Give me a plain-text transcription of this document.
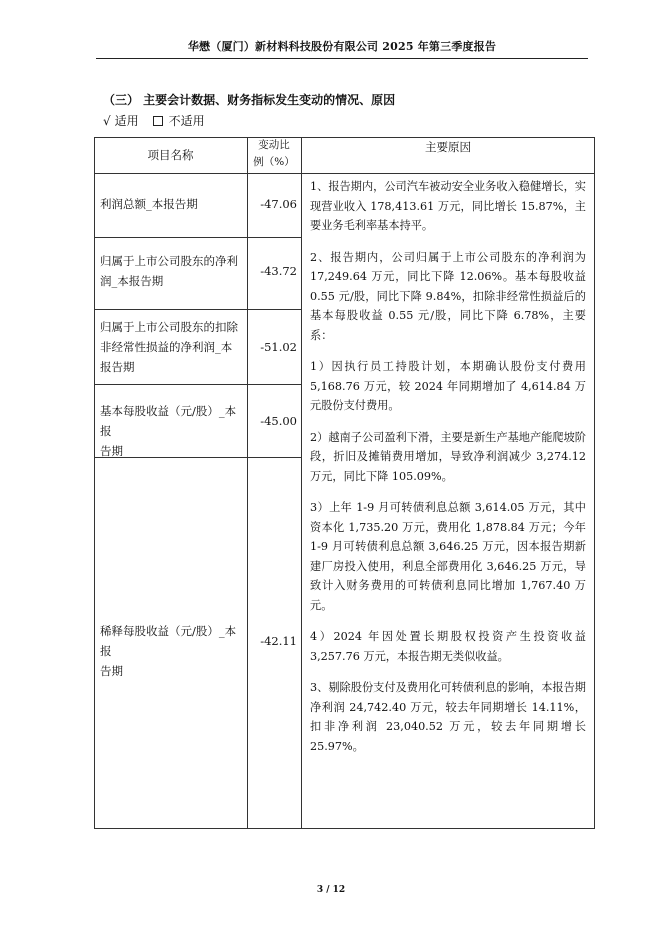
华懋（厦门）新材料科技股份有限公司 2025 年第三季度报告
（三） 主要会计数据、财务指标发生变动的情况、原因
√ 适用	不适用
项目名称
变动比
例（%）
主要原因
利润总额_本报告期	-47.06
归属于上市公司股东的净利
润_本报告期
-43.72
归属于上市公司股东的扣除
非经常性损益的净利润_本
报告期
-51.02
基本每股收益（元/股）_本报
告期
-45.00
稀释每股收益（元/股）_本报
告期
-42.11

1、报告期内，公司汽车被动安全业务收入稳健增长，实现营业收入 178,413.61 万元，同比增长 15.87%，主要业务毛利率基本持平。

2、报告期内，公司归属于上市公司股东的净利润为 17,249.64 万元，同比下降 12.06%。基本每股收益 0.55 元/股，同比下降 9.84%，扣除非经常性损益后的基本每股收益 0.55 元/股，同比下降 6.78%，主要系：

1）因执行员工持股计划，本期确认股份支付费用 5,168.76 万元，较 2024 年同期增加了 4,614.84 万元股份支付费用。

2）越南子公司盈利下滑，主要是新生产基地产能爬坡阶段，折旧及摊销费用增加，导致净利润减少 3,274.12 万元，同比下降 105.09%。

3）上年 1-9 月可转债利息总额 3,614.05 万元，其中资本化 1,735.20 万元，费用化 1,878.84 万元；今年 1-9 月可转债利息总额 3,646.25 万元，因本报告期新建厂房投入使用，利息全部费用化 3,646.25 万元，导致计入财务费用的可转债利息同比增加 1,767.40 万元。

4）2024 年因处置长期股权投资产生投资收益 3,257.76 万元，本报告期无类似收益。

3、剔除股份支付及费用化可转债利息的影响，本报告期净利润 24,742.40 万元，较去年同期增长 14.11%，扣非净利润 23,040.52 万元，较去年同期增长 25.97%。

3 / 12
